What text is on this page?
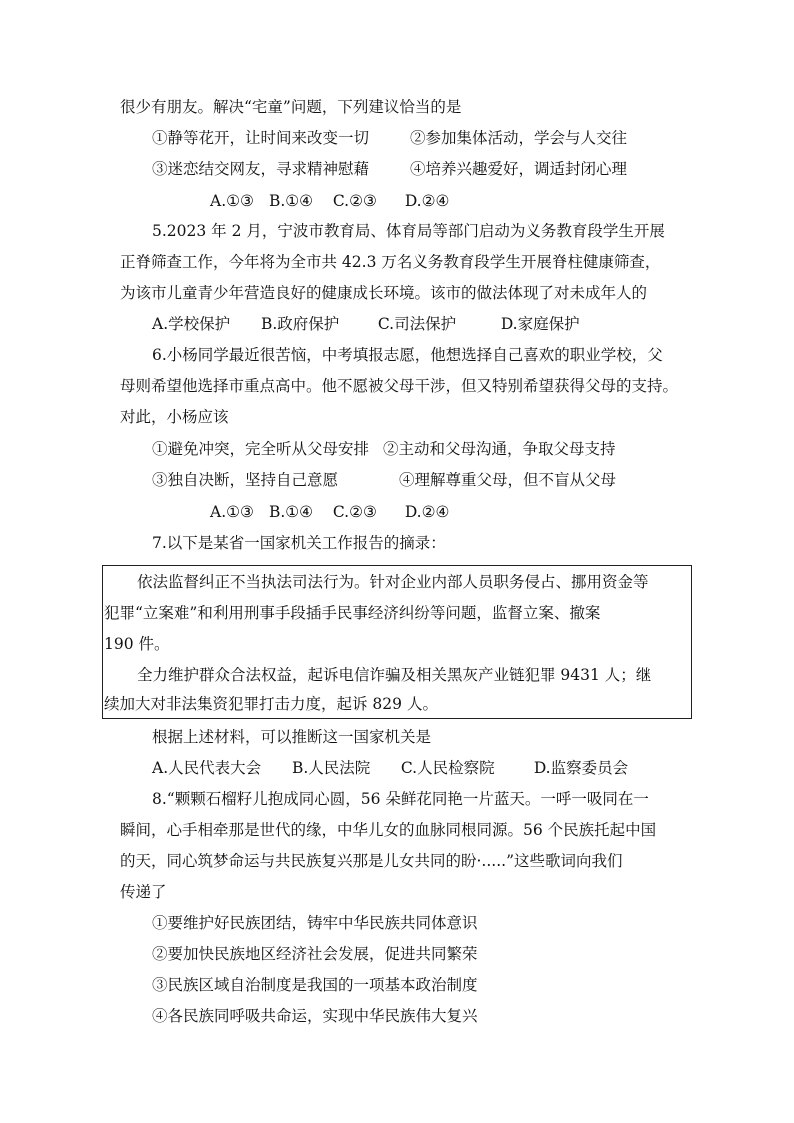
很少有朋友。解决“宅童”问题，下列建议恰当的是
①静等花开，让时间来改变一切	②参加集体活动，学会与人交往
③迷恋结交网友，寻求精神慰藉	④培养兴趣爱好，调适封闭心理
A.①③ B.①④ C.②③ D.②④
5.2023 年 2 月，宁波市教育局、体育局等部门启动为义务教育段学生开展
正脊筛查工作，今年将为全市共 42.3 万名义务教育段学生开展脊柱健康筛查，
为该市儿童青少年营造良好的健康成长环境。该市的做法体现了对未成年人的
A.学校保护 B.政府保护 C.司法保护	D.家庭保护
6.小杨同学最近很苦恼，中考填报志愿，他想选择自己喜欢的职业学校，父
母则希望他选择市重点高中。他不愿被父母干涉，但又特别希望获得父母的支持。
对此，小杨应该
①避免冲突，完全听从父母安排 ②主动和父母沟通，争取父母支持
③独自决断，坚持自己意愿	④理解尊重父母，但不盲从父母
A.①③ B.①④ C.②③ D.②④
7.以下是某省一国家机关工作报告的摘录：
依法监督纠正不当执法司法行为。针对企业内部人员职务侵占、挪用资金等
犯罪“立案难”和利用刑事手段插手民事经济纠纷等问题，监督立案、撤案
190 件。
全力维护群众合法权益，起诉电信诈骗及相关黑灰产业链犯罪 9431 人；继
续加大对非法集资犯罪打击力度，起诉 829 人。
根据上述材料，可以推断这一国家机关是
A.人民代表大会 B.人民法院 C.人民检察院	D.监察委员会
8.“颗颗石榴籽儿抱成同心圆，56 朵鲜花同艳一片蓝天。一呼一吸同在一
瞬间，心手相牵那是世代的缘，中华儿女的血脉同根同源。56 个民族托起中国
的天，同心筑梦命运与共民族复兴那是儿女共同的盼·.....”这些歌词向我们
传递了
①要维护好民族团结，铸牢中华民族共同体意识
②要加快民族地区经济社会发展，促进共同繁荣
③民族区域自治制度是我国的一项基本政治制度
④各民族同呼吸共命运，实现中华民族伟大复兴
